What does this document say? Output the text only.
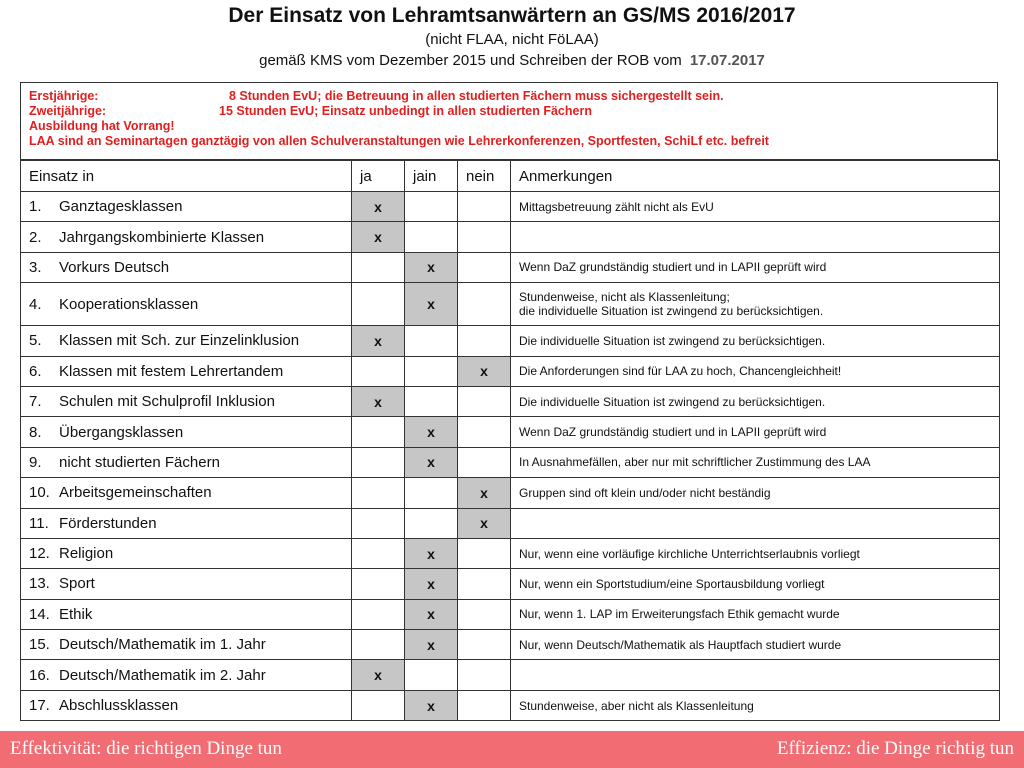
Der Einsatz von Lehramtsanwärtern an GS/MS 2016/2017
(nicht FLAA, nicht FöLAA)
gemäß KMS vom Dezember 2015 und Schreiben der ROB vom 17.07.2017
Erstjährige:	8 Stunden EvU; die Betreuung in allen studierten Fächern muss sichergestellt sein.
Zweitjährige:	15 Stunden EvU; Einsatz unbedingt in allen studierten Fächern
Ausbildung hat Vorrang!
LAA sind an Seminartagen ganztägig von allen Schulveranstaltungen wie Lehrerkonferenzen, Sportfesten, SchiLf etc. befreit
Einsatz in	ja	jain	nein	Anmerkungen
1. Ganztagesklassen	x			Mittagsbetreuung zählt nicht als EvU

2. Jahrgangskombinierte Klassen	x			

3. Vorkurs Deutsch		x		Wenn DaZ grundständig studiert und in LAPII geprüft wird

4. Kooperationsklassen		x		Stundenweise, nicht als Klassenleitung;
die individuelle Situation ist zwingend zu berücksichtigen.

5. Klassen mit Sch. zur Einzelinklusion	x			Die individuelle Situation ist zwingend zu berücksichtigen.

6. Klassen mit festem Lehrertandem			x	Die Anforderungen sind für LAA zu hoch, Chancengleichheit!

7. Schulen mit Schulprofil Inklusion	x			Die individuelle Situation ist zwingend zu berücksichtigen.

8. Übergangsklassen		x		Wenn DaZ grundständig studiert und in LAPII geprüft wird

9. nicht studierten Fächern		x		In Ausnahmefällen, aber nur mit schriftlicher Zustimmung des LAA

10. Arbeitsgemeinschaften			x	Gruppen sind oft klein und/oder nicht beständig

11. Förderstunden			x	

12. Religion		x		Nur, wenn eine vorläufige kirchliche Unterrichtserlaubnis vorliegt

13. Sport		x		Nur, wenn ein Sportstudium/eine Sportausbildung vorliegt

14. Ethik		x		Nur, wenn 1. LAP im Erweiterungsfach Ethik gemacht wurde

15. Deutsch/Mathematik im 1. Jahr		x		Nur, wenn Deutsch/Mathematik als Hauptfach studiert wurde

16. Deutsch/Mathematik im 2. Jahr	x			

17. Abschlussklassen		x		Stundenweise, aber nicht als Klassenleitung
Effektivität: die richtigen Dinge tun	Effizienz: die Dinge richtig tun
